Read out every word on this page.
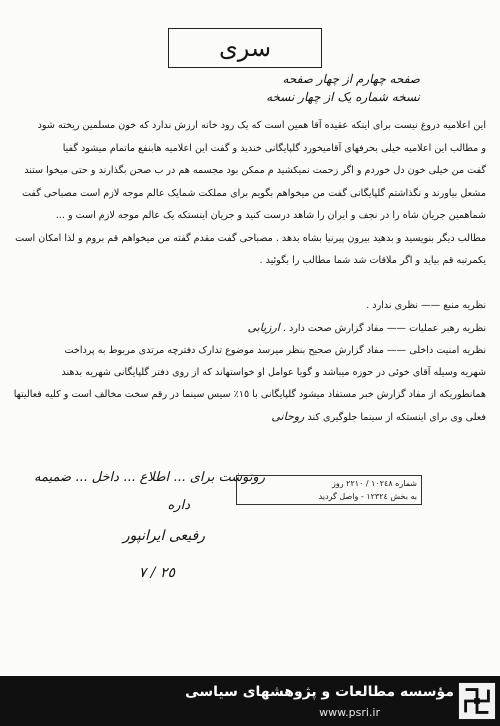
سری
صفحه چهارم از چهار صفحه
نسخه شماره یک از چهار نسخه
این اعلامیه دروغ نیست برای اینکه عقیده آقا همین است که یک رود خانه ارزش ندارد که خون مسلمین ریخته شود
و مطالب این اعلامیه خیلی بحرفهای آقامیخورد گلپایگانی خندید و گفت این اعلامیه هابنفع ماتمام میشود گفیا
گفت من خیلی خون دل خوردم و اگر زحمت نمیکشید م ممکن بود مجسمه هم در ب صحن بگذارند و حتی میخوا ستند
مشعل بیاورند و نگذاشتم گلپایگانی گفت من میخواهم بگویم برای مملکت شمایک عالم موجه لازم است مصباحی گفت
شماهمین جریان شاه را در نجف و ایران را شاهد درست کنید و جریان اینستکه یک عالم موجه لازم است و ...
مطالب دیگر بنویسید و بدهید بیرون پیرنیا بشاه بدهد . مصباحی گفت مقدم گفته من میخواهم قم بروم و لذا امکان است
یکمرتبه قم بیاید و اگر ملاقات شد شما مطالب را بگوئید .
نظریه منبع —— نظری ندارد .
نظریه رهبر عملیات —— مفاد گزارش صحت دارد . ارزیابی
نظریه امنیت داخلی —— مفاد گزارش صحیح بنظر میرسد موضوع تدارک دفترچه مرتدی مربوط به پرداخت
شهریه وسیله آقای خوئی در حوزه میباشد و گویا عوامل او خواستهاند که از روی دفتر گلپایگانی شهریه بدهند
همانطوریکه از مفاد گزارش خبر مستفاد میشود گلپایگانی با ١٥٪ سیس سینما در رقم سخت مخالف است و کلیه فعالیتها
فعلی وی برای اینستکه از سینما جلوگیری کند روحانی
رونوشت برای ... اطلاع ... داخل ... ضمیمه	شماره ١٠٢٤٨ / ٢٢١٠ روز
به بخش ١٢٣٢٤ - واصل گردید
داره
رفیعی ایرانپور
٢٥ / ٧
مؤسسه مطالعات و پژوهشهای سیاسی
www.psri.ir
